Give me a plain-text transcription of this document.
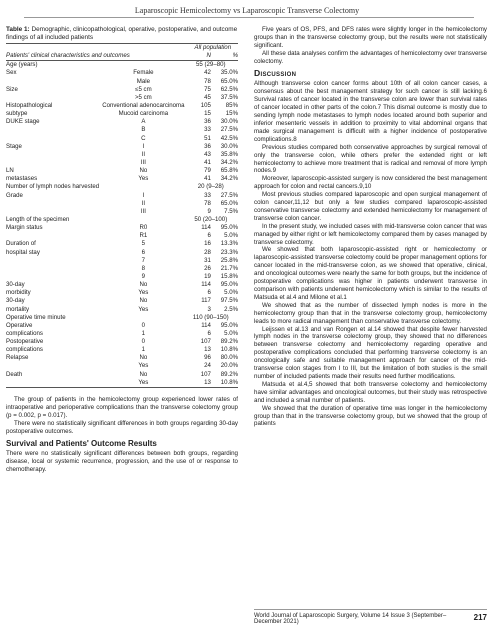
Laparoscopic Hemicolectomy vs Laparoscopic Transverse Colectomy
Table 1: Demographic, clinicopathological, operative, postoperative, and outcome findings of all included patients
		All population	
Patients' clinical characteristics and outcomes		N	%
Age (years)		55 (29–80)	
Sex	Female	42	35.0%
	Male	78	65.0%
Size	≤5 cm	75	62.5%
	>5 cm	45	37.5%
Histopathological	Conventional adenocarcinoma	105	85%
subtype	Mucoid carcinoma	15	15%
DUKE stage	A	36	30.0%
	B	33	27.5%
	C	51	42.5%
Stage	I	36	30.0%
	II	43	35.8%
	III	41	34.2%
LN	No	79	65.8%
metastases	Yes	41	34.2%
Number of lymph nodes harvested		20 (9–28)	
Grade	I	33	27.5%
	II	78	65.0%
	III	9	7.5%
Length of the specimen		50 (20–100)	
Margin status	R0	114	95.0%
	R1	6	5.0%
Duration of	5	16	13.3%
hospital stay	6	28	23.3%
	7	31	25.8%
	8	26	21.7%
	9	19	15.8%
30-day	No	114	95.0%
morbidity	Yes	6	5.0%
30-day	No	117	97.5%
mortality	Yes	3	2.5%
Operative time minute		110 (90–150)	
Operative	0	114	95.0%
complications	1	6	5.0%
Postoperative	0	107	89.2%
complications	1	13	10.8%
Relapse	No	96	80.0%
	Yes	24	20.0%
Death	No	107	89.2%
	Yes	13	10.8%

The group of patients in the hemicolectomy group experienced lower rates of intraoperative and perioperative complications than the transverse colectomy group (p = 0.002, p = 0.017).

There were no statistically significant differences in both groups regarding 30-day postoperative outcomes.

Survival and Patients' Outcome Results

There were no statistically significant differences between both groups, regarding disease, local or systemic recurrence, progression, and the use of or response to chemotherapy.

Five years of OS, PFS, and DFS rates were slightly longer in the hemicolectomy groups than in the transverse colectomy group, but the results were not statistically significant.

All these data analyses confirm the advantages of hemicolectomy over transverse colectomy.

Discussion

Although transverse colon cancer forms about 10th of all colon cancer cases, a consensus about the best management strategy for such cancer is still lacking.6 Survival rates of cancer located in the transverse colon are lower than survival rates of cancer located in other parts of the colon.7 This dismal outcome is mostly due to sending lymph node metastases to lymph nodes located around both superior and inferior mesenteric vessels in addition to proximity to vital abdominal organs that made surgical management is difficult with a higher incidence of postoperative complications.8

Previous studies compared both conservative approaches by surgical removal of only the transverse colon, while others prefer the extended right or left hemicolectomy to achieve more treatment that is radical and removal of more lymph nodes.9

Moreover, laparoscopic-assisted surgery is now considered the best management approach for colon and rectal cancers.9,10

Most previous studies compared laparoscopic and open surgical management of colon cancer,11,12 but only a few studies compared laparoscopic-assisted conservative transverse colectomy and extended hemicolectomy for management of transverse colon cancer.

In the present study, we included cases with mid-transverse colon cancer that was managed by either right or left hemicolectomy compared them by cases managed by transverse colectomy.

We showed that both laparoscopic-assisted right or hemicolectomy or laparoscopic-assisted transverse colectomy could be proper management options for cancer located in the mid-transverse colon, as we showed that operative, clinical, and oncological outcomes were nearly the same for both groups, but the incidence of postoperative complications was higher in patients underwent transverse in comparison with patients underwent hemicolectomy which is similar to the results of Matsuda et al.4 and Milone et al.1

We showed that as the number of dissected lymph nodes is more in the hemicolectomy group than that in the transverse colectomy group, hemicolectomy leads to more radical management than conservative transverse colectomy.

Leijssen et al.13 and van Rongen et al.14 showed that despite fewer harvested lymph nodes in the transverse colectomy group, they showed that no differences between transverse colectomy and hemicolectomy regarding operative and postoperative complications concluded that performing transverse colectomy is an oncologically safe and suitable management approach for cancer of the mid-transverse colon stages from I to III, but the limitation of both studies is the small number of included patients made their results need further modifications.

Matsuda et al.4,5 showed that both transverse colectomy and hemicolectomy have similar advantages and oncological outcomes, but their study was retrospective and included a small number of patients.

We showed that the duration of operative time was longer in the hemicolectomy group than that in the transverse colectomy group, but we showed that the group of patients

World Journal of Laparoscopic Surgery, Volume 14 Issue 3 (September–December 2021)	217
